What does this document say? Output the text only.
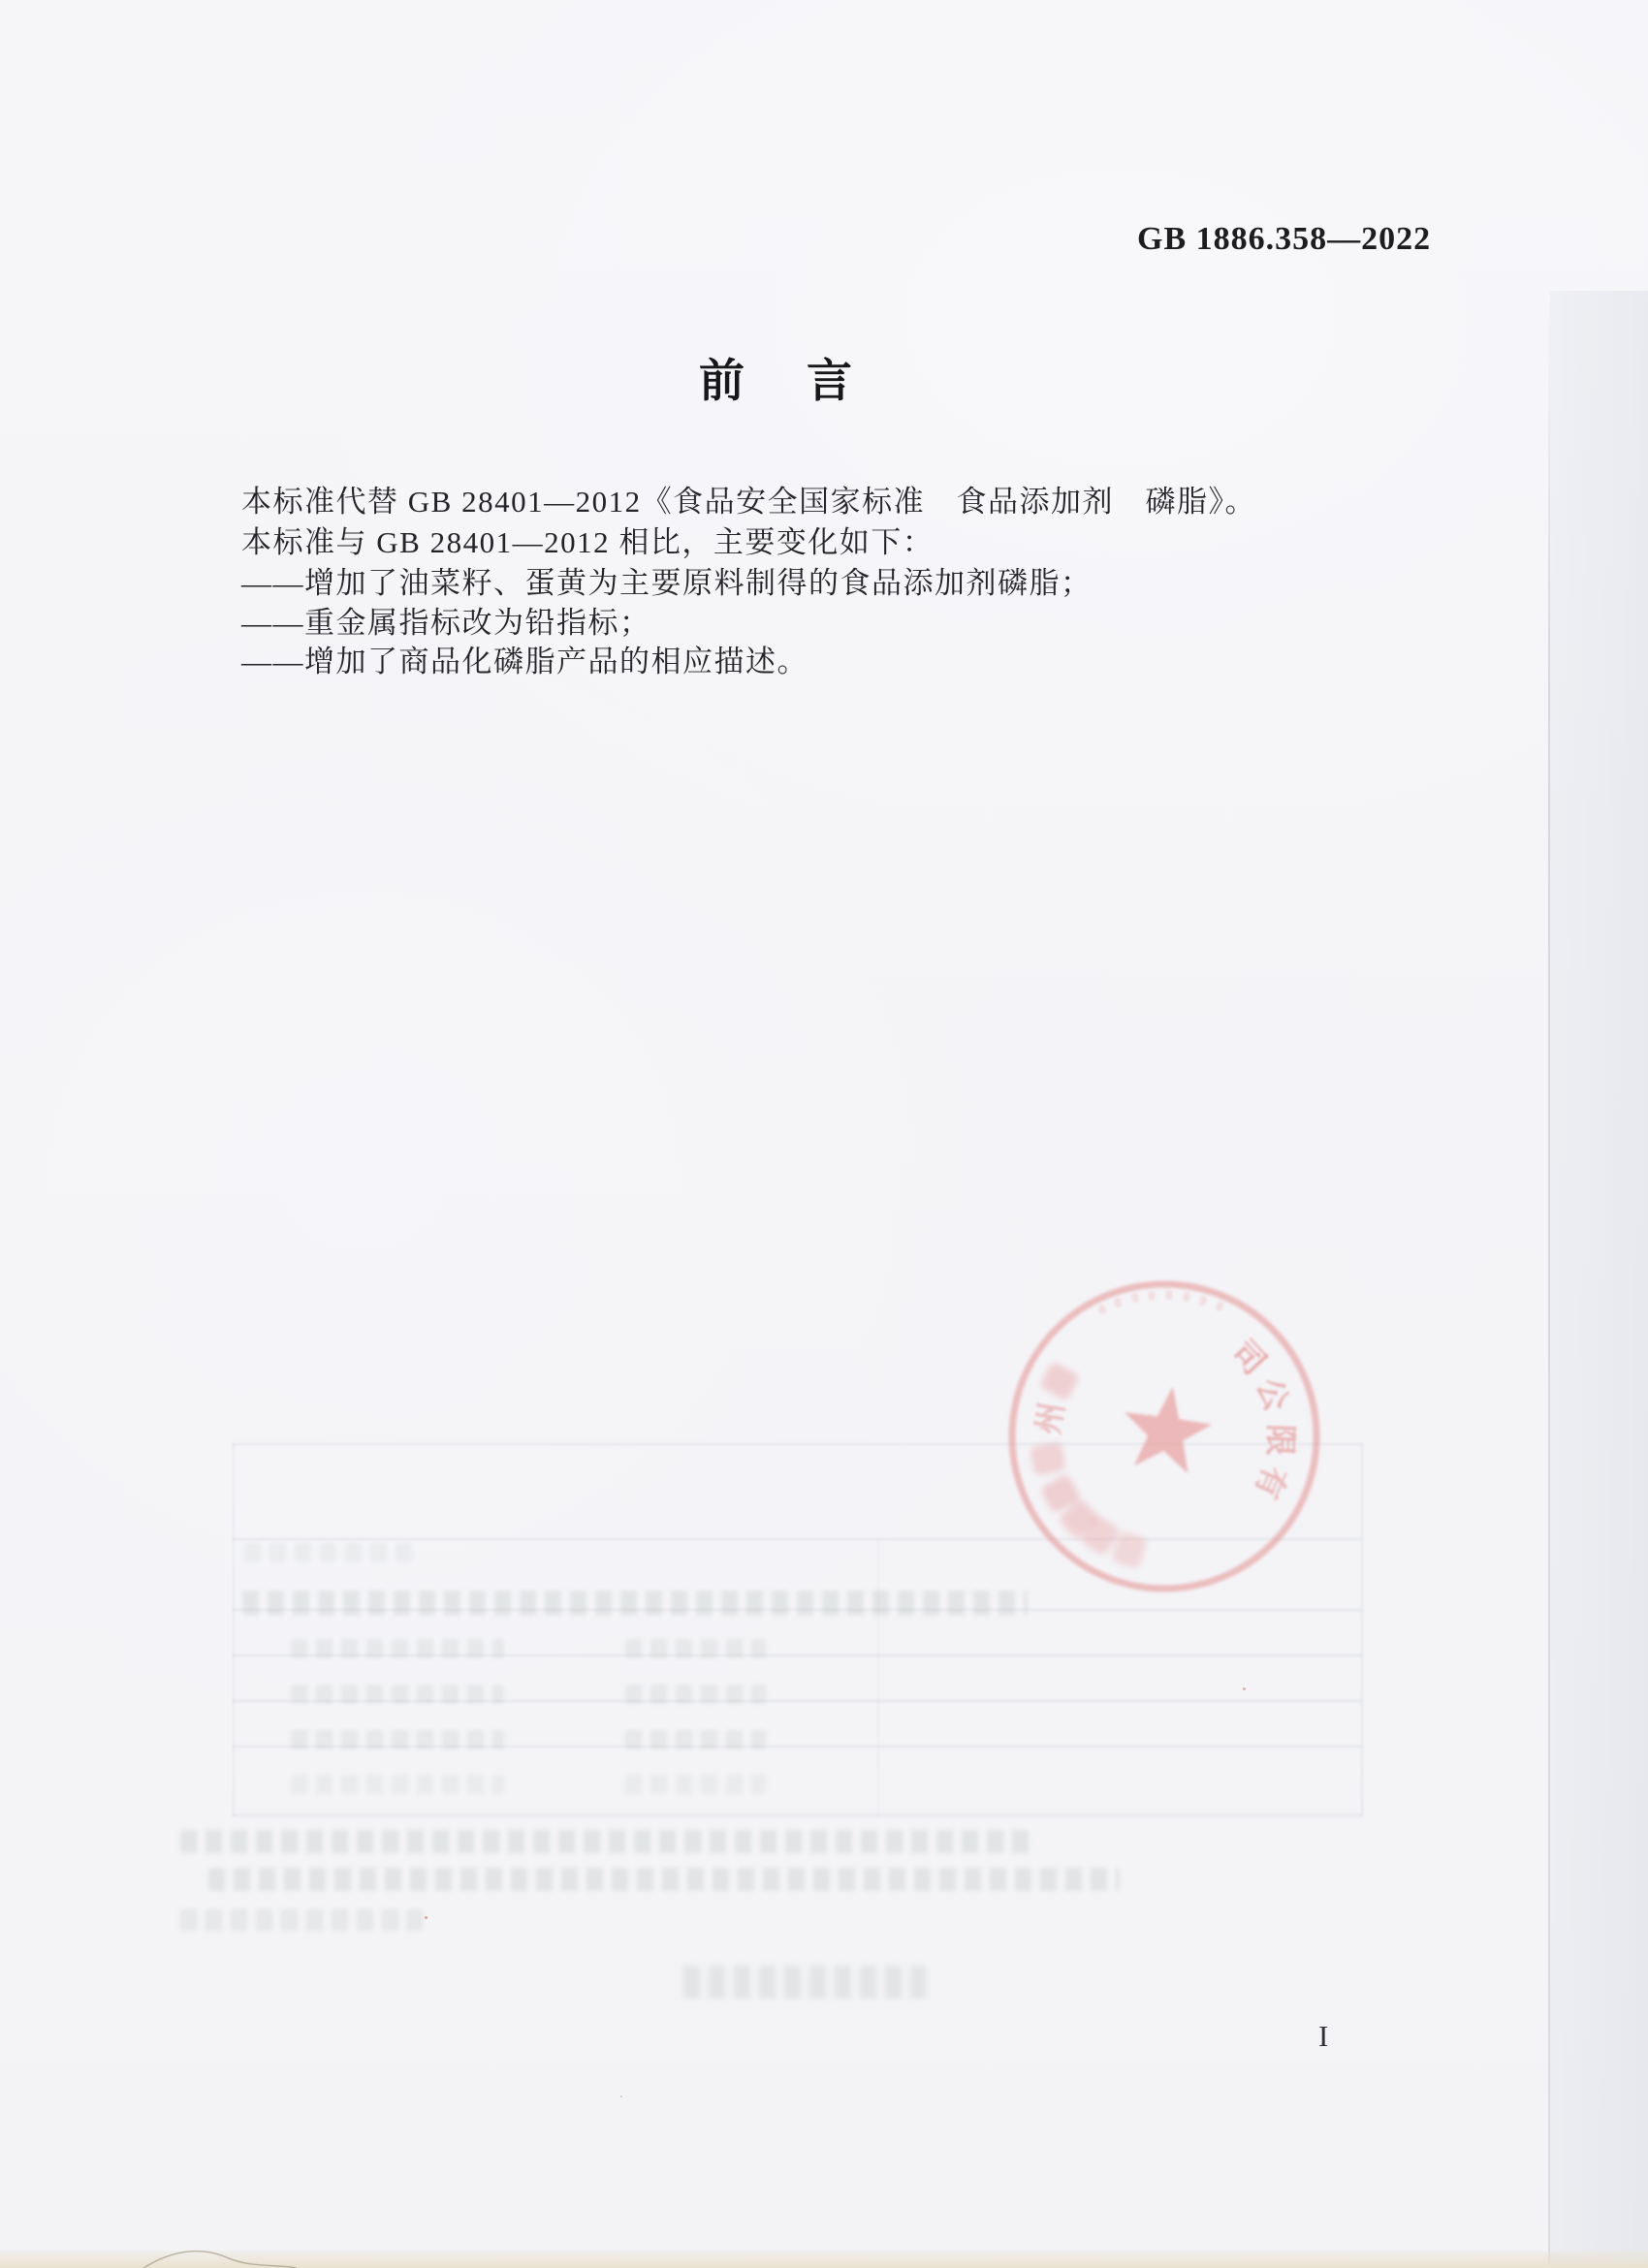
GB 1886.358—2022
前 言
本标准代替 GB 28401—2012《食品安全国家标准　食品添加剂　磷脂》。
本标准与 GB 28401—2012 相比，主要变化如下：
——增加了油菜籽、蛋黄为主要原料制得的食品添加剂磷脂；
——重金属指标改为铅指标；
——增加了商品化磷脂产品的相应描述。
司
公
限
有
州
I
